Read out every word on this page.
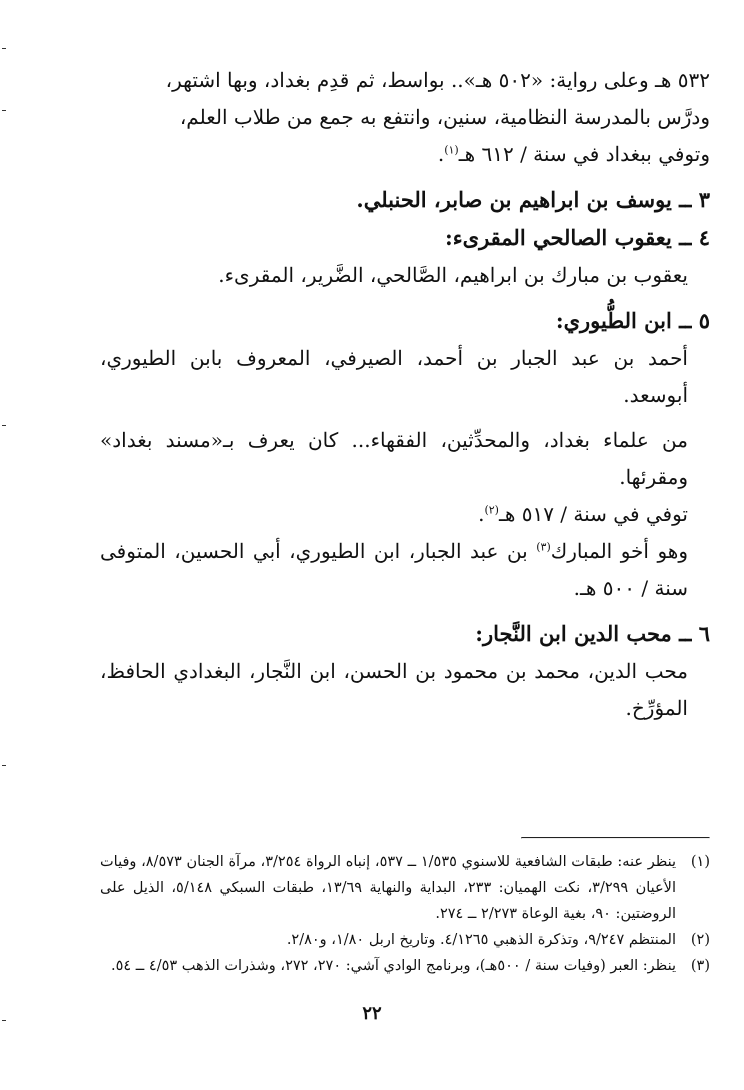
٥٣٢ هـ وعلى رواية: «٥٠٢ هـ».. بواسط، ثم قدِم بغداد، وبها اشتهر،

ودرَّس بالمدرسة النظامية، سنين، وانتفع به جمع من طلاب العلم،

وتوفي ببغداد في سنة / ٦١٢ هـ$^{(١)}$.

٣ ــ يوسف بن ابراهيم بن صابر، الحنبلي.

٤ ــ يعقوب الصالحي المقرىء:

يعقوب بن مبارك بن ابراهيم، الصَّالحي، الضَّرير، المقرىء.

٥ ــ ابن الطُّيوري:

أحمد بن عبد الجبار بن أحمد، الصيرفي، المعروف بابن الطيوري، أبوسعد.

من علماء بغداد، والمحدِّثين، الفقهاء... كان يعرف بـ«مسند بغداد» ومقرئها.

توفي في سنة / ٥١٧ هـ$^{(٢)}$.

وهو أخو المبارك$^{(٣)}$ بن عبد الجبار، ابن الطيوري، أبي الحسين، المتوفى سنة / ٥٠٠ هـ.

٦ ــ محب الدين ابن النَّجار:

محب الدين، محمد بن محمود بن الحسن، ابن النَّجار، البغدادي الحافظ، المؤرِّخ.

(١)
ينظر عنه: طبقات الشافعية للاسنوي ١/٥٣٥ ــ ٥٣٧، إنباه الرواة ٣/٢٥٤، مرآة الجنان ٨/٥٧٣، وفيات الأعيان ٣/٢٩٩، نكت الهميان: ٢٣٣، البداية والنهاية ١٣/٦٩، طبقات السبكي ٥/١٤٨، الذيل على الروضتين: ٩٠، بغية الوعاة ٢/٢٧٣ ــ ٢٧٤.
(٢)
المنتظم ٩/٢٤٧، وتذكرة الذهبي ٤/١٢٦٥. وتاريخ اربل ١/٨٠، و٢/٨٠.
(٣)
ينظر: العبر (وفيات سنة / ٥٠٠هـ)، وبرنامج الوادي آشي: ٢٧٠، ٢٧٢، وشذرات الذهب ٤/٥٣ ــ ٥٤.
٢٢
